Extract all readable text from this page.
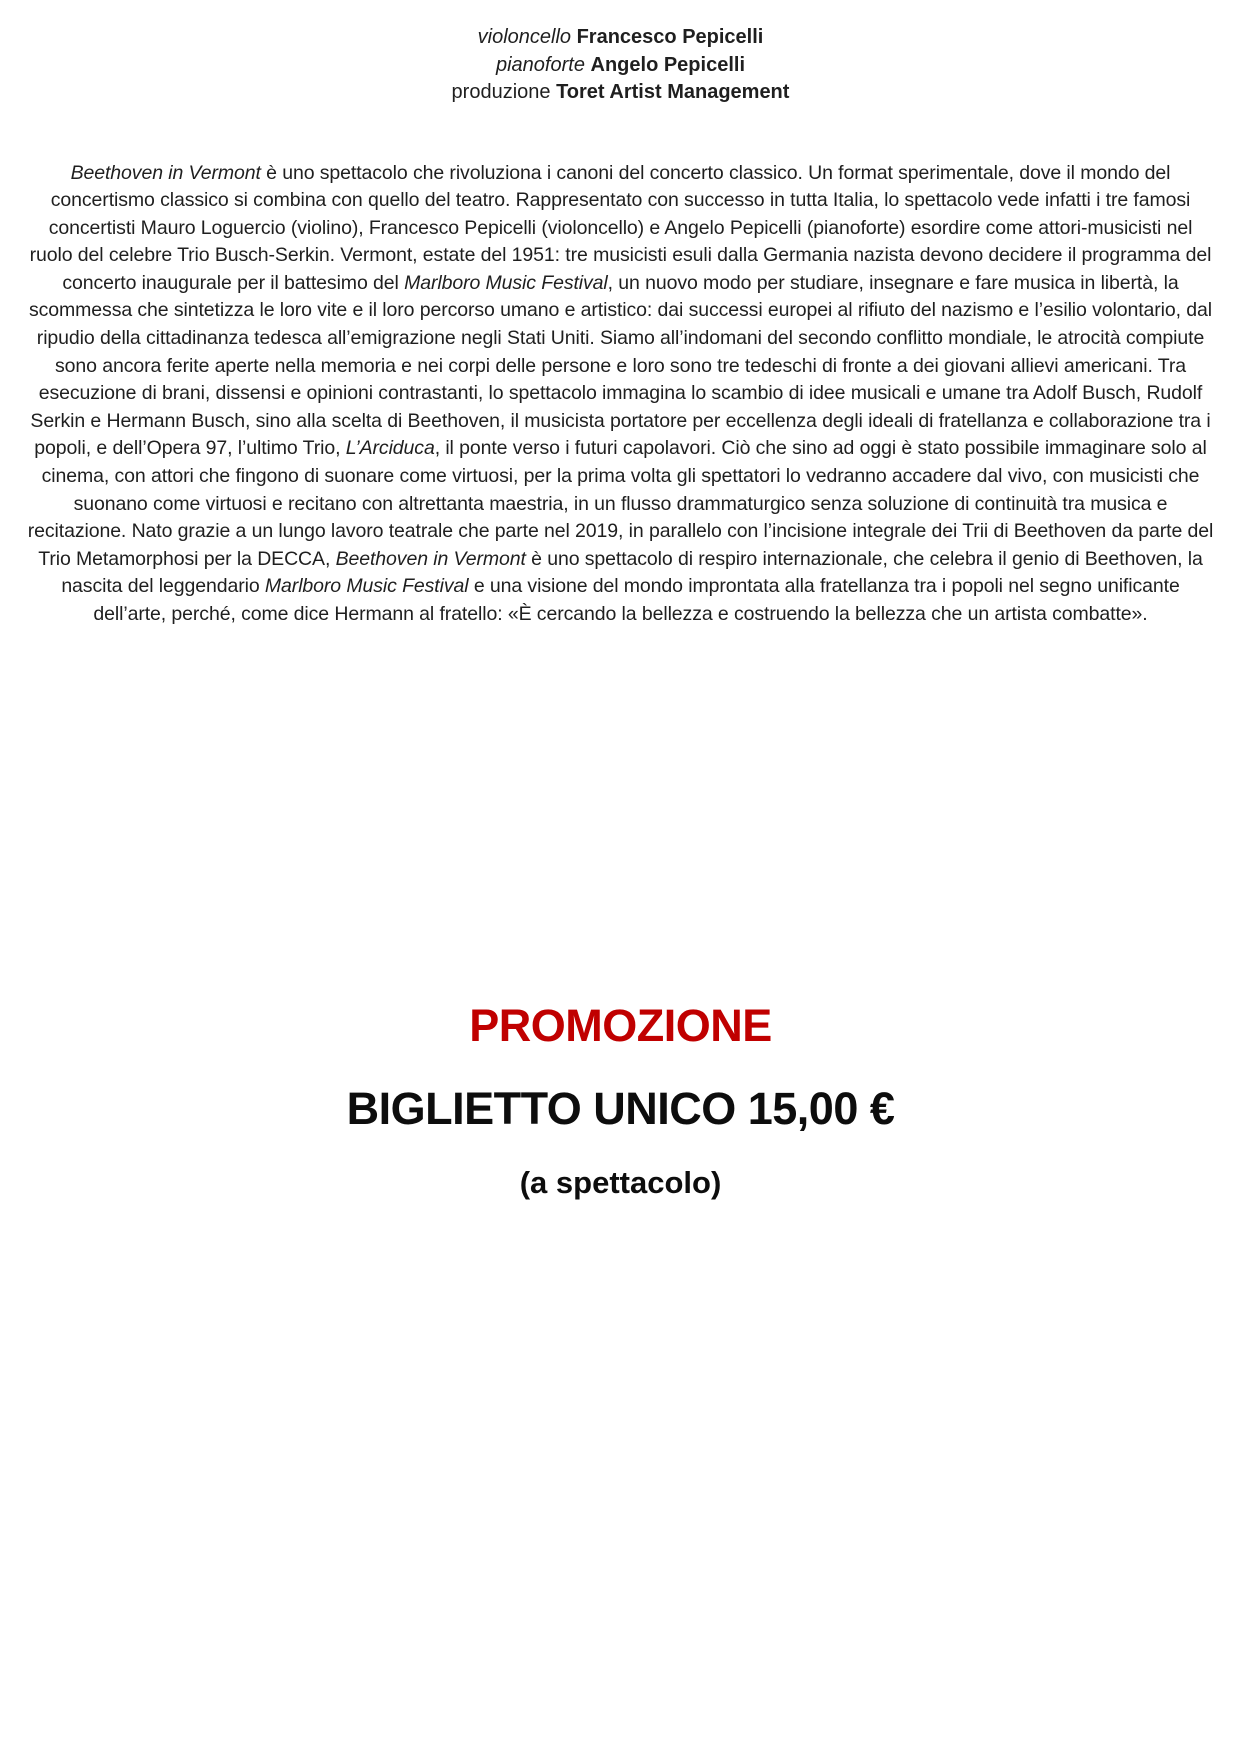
violoncello Francesco Pepicelli
pianoforte Angelo Pepicelli
produzione Toret Artist Management

Beethoven in Vermont è uno spettacolo che rivoluziona i canoni del concerto classico. Un format sperimentale, dove il mondo del concertismo classico si combina con quello del teatro. Rappresentato con successo in tutta Italia, lo spettacolo vede infatti i tre famosi concertisti Mauro Loguercio (violino), Francesco Pepicelli (violoncello) e Angelo Pepicelli (pianoforte) esordire come attori-musicisti nel ruolo del celebre Trio Busch-Serkin. Vermont, estate del 1951: tre musicisti esuli dalla Germania nazista devono decidere il programma del concerto inaugurale per il battesimo del Marlboro Music Festival, un nuovo modo per studiare, insegnare e fare musica in libertà, la scommessa che sintetizza le loro vite e il loro percorso umano e artistico: dai successi europei al rifiuto del nazismo e l’esilio volontario, dal ripudio della cittadinanza tedesca all’emigrazione negli Stati Uniti. Siamo all’indomani del secondo conflitto mondiale, le atrocità compiute sono ancora ferite aperte nella memoria e nei corpi delle persone e loro sono tre tedeschi di fronte a dei giovani allievi americani. Tra esecuzione di brani, dissensi e opinioni contrastanti, lo spettacolo immagina lo scambio di idee musicali e umane tra Adolf Busch, Rudolf Serkin e Hermann Busch, sino alla scelta di Beethoven, il musicista portatore per eccellenza degli ideali di fratellanza e collaborazione tra i popoli, e dell’Opera 97, l’ultimo Trio, L’Arciduca, il ponte verso i futuri capolavori. Ciò che sino ad oggi è stato possibile immaginare solo al cinema, con attori che fingono di suonare come virtuosi, per la prima volta gli spettatori lo vedranno accadere dal vivo, con musicisti che suonano come virtuosi e recitano con altrettanta maestria, in un flusso drammaturgico senza soluzione di continuità tra musica e recitazione. Nato grazie a un lungo lavoro teatrale che parte nel 2019, in parallelo con l’incisione integrale dei Trii di Beethoven da parte del Trio Metamorphosi per la DECCA, Beethoven in Vermont è uno spettacolo di respiro internazionale, che celebra il genio di Beethoven, la nascita del leggendario Marlboro Music Festival e una visione del mondo improntata alla fratellanza tra i popoli nel segno unificante dell’arte, perché, come dice Hermann al fratello: «È cercando la bellezza e costruendo la bellezza che un artista combatte».

PROMOZIONE
BIGLIETTO UNICO 15,00 €
(a spettacolo)
